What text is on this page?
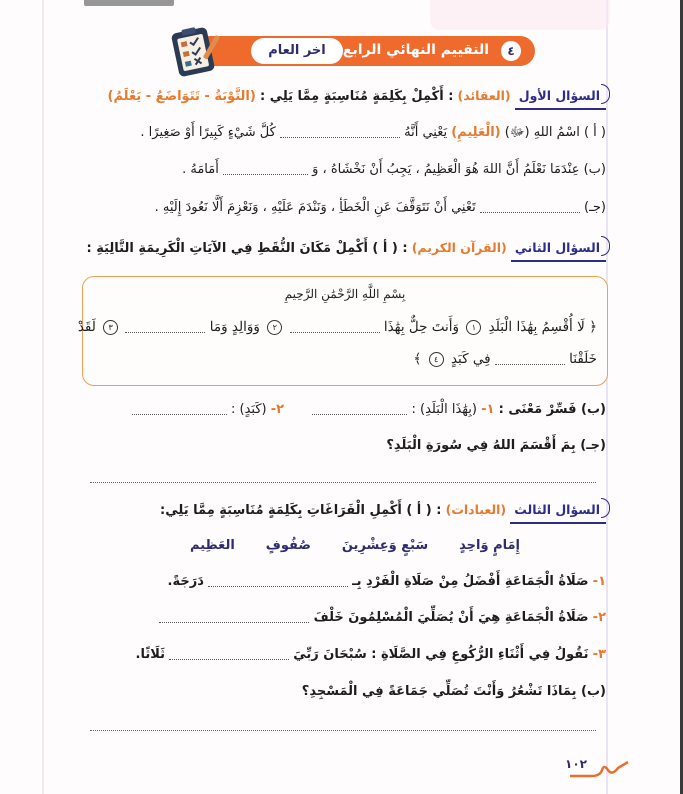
٤
التقييم النهائي الرابع
اخر العام
السؤال الأول (العقائد) : أَكْمِلْ بِكَلِمَةٍ مُنَاسِبَةٍ مِمَّا يَلِي : (التَّوْبَةُ - تَتَوَاضَعُ - يَعْلَمُ)
( أ ) اسْمُ اللهِ (ﷻ) (الْعَلِيمِ) يَعْنِي أَنَّهُ  كُلَّ شَيْءٍ كَبِيرًا أَوْ صَغِيرًا .
(ب) عِنْدَمَا نَعْلَمُ أَنَّ اللهَ هُوَ الْعَظِيمُ ، يَجِبُ أَنْ نَخْشَاهُ ، وَ  أَمَامَهُ .
(جـ)  تَعْنِي أَنْ نَتَوَقَّفَ عَنِ الْخَطَأِ ، وَنَنْدَمَ عَلَيْهِ ، وَنَعْزِمَ أَلَّا نَعُودَ إِلَيْهِ .
السؤال الثاني (القرآن الكريم) : ( أ ) أَكْمِلْ مَكَانَ النُّقَطِ فِي الآيَاتِ الْكَرِيمَةِ التَّالِيَةِ :
بِسْمِ اللَّهِ الرَّحْمَٰنِ الرَّحِيمِ
﴿ لَا أُقْسِمُ بِهَٰذَا الْبَلَدِ ١ وَأَنتَ حِلٌّ بِهَٰذَا  ٢ وَوَالِدٍ وَمَا  ٣ لَقَدْ
خَلَقْنَا  فِي كَبَدٍ ٤ ﴾
(ب) فَسِّرْ مَعْنَى : ١- (بِهَٰذَا الْبَلَدِ) :   ٢- (كَبَدٍ) :
(جـ) بِمَ أَقْسَمَ اللهُ فِي سُورَةِ الْبَلَدِ؟
السؤال الثالث (العبادات) : ( أ ) أَكْمِلِ الْفَرَاغَاتِ بِكَلِمَةٍ مُنَاسِبَةٍ مِمَّا يَلِي:
إِمَامٍ وَاحِدٍ
سَبْعٍ وَعِشْرِينَ
صُفُوفٍ
العَظِيم
١- صَلَاةُ الْجَمَاعَةِ أَفْضَلُ مِنْ صَلَاةِ الْفَرْدِ بِـ  دَرَجَةً.
٢- صَلَاةُ الْجَمَاعَةِ هِيَ أَنْ يُصَلِّيَ الْمُسْلِمُونَ خَلْفَ
٣- نَقُولُ فِي أَثْنَاءِ الرُّكُوعِ فِي الصَّلَاةِ : سُبْحَانَ رَبِّيَ  ثَلَاثًا.
(ب) بِمَاذَا تَشْعُرُ وَأَنْتَ تُصَلِّي جَمَاعَةً فِي الْمَسْجِدِ؟
١٠٢
